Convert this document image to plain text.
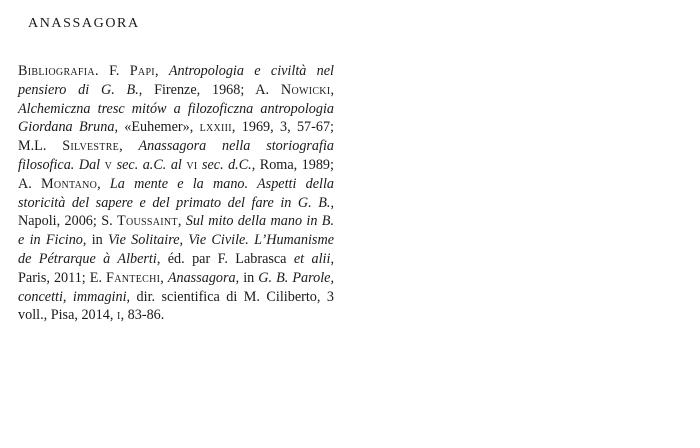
ANASSAGORA
Bibliografia. F. Papi, Antropologia e civiltà nel pensiero di G. B., Firenze, 1968; A. Nowicki, Alchemiczna tresc mitów a filozoficzna antropologia Giordana Bruna, «Euhemer», lxxiii, 1969, 3, 57-67; M.L. Silvestre, Anassagora nella storiografia filosofica. Dal v sec. a.C. al vi sec. d.C., Roma, 1989; A. Montano, La mente e la mano. Aspetti della storicità del sapere e del primato del fare in G. B., Napoli, 2006; S. Toussaint, Sul mito della mano in B. e in Ficino, in Vie Solitaire, Vie Civile. L’Humanisme de Pétrarque à Alberti, éd. par F. Labrasca et alii, Paris, 2011; E. Fantechi, Anassagora, in G. B. Parole, concetti, immagini, dir. scientifica di M. Ciliberto, 3 voll., Pisa, 2014, i, 83-86.
